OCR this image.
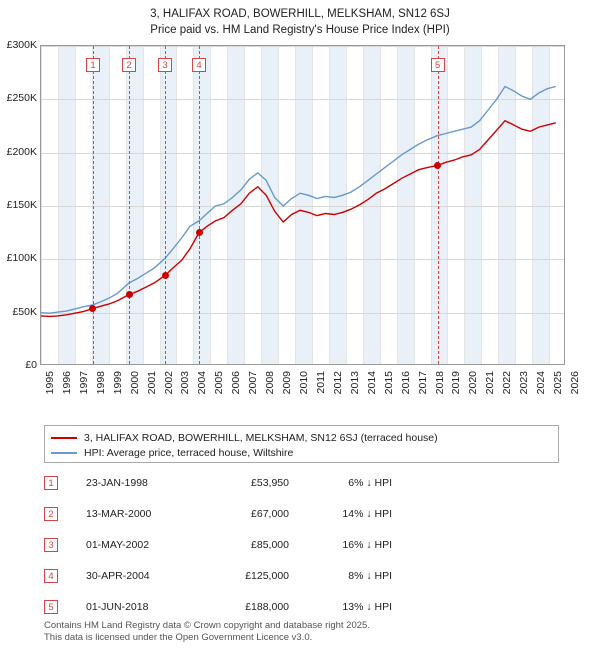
3, HALIFAX ROAD, BOWERHILL, MELKSHAM, SN12 6SJ
Price paid vs. HM Land Registry's House Price Index (HPI)
1	2	3	4	5
£0
£50K
£100K
£150K
£200K
£250K
£300K
1995 1996 1997 1998 1999 2000 2001 2002 2003 2004 2005 2006 2007 2008 2009 2010 2011 2012 2013 2014 2015 2016 2017 2018 2019 2020 2021 2022 2023 2024 2025 2026
3, HALIFAX ROAD, BOWERHILL, MELKSHAM, SN12 6SJ (terraced house)
HPI: Average price, terraced house, Wiltshire
1	23-JAN-1998	£53,950	6% ↓ HPI
2	13-MAR-2000	£67,000	14% ↓ HPI
3	01-MAY-2002	£85,000	16% ↓ HPI
4	30-APR-2004	£125,000	8% ↓ HPI
5	01-JUN-2018	£188,000	13% ↓ HPI
Contains HM Land Registry data © Crown copyright and database right 2025.
This data is licensed under the Open Government Licence v3.0.
